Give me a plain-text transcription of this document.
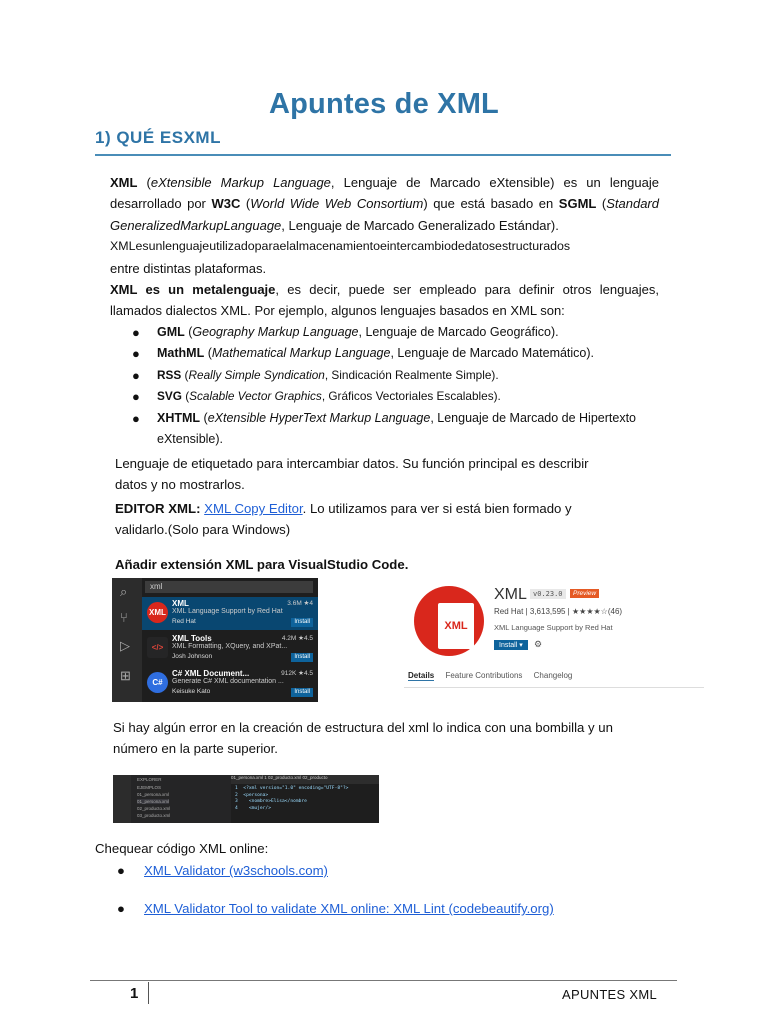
Apuntes de XML
1) QUÉ ESXML
XML (eXtensible Markup Language, Lenguaje de Marcado eXtensible) es un lenguaje
desarrollado por W3C (World Wide Web Consortium) que está basado en SGML (Standard
GeneralizedMarkupLanguage, Lenguaje de Marcado Generalizado Estándar).
XMLesunlenguajeutilizadoparaelalmacenamientoeintercambiodedatosestructurados
entre distintas plataformas.
XML es un metalenguaje, es decir, puede ser empleado para definir otros lenguajes,
llamados dialectos XML. Por ejemplo, algunos lenguajes basados en XML son:
● GML (Geography Markup Language, Lenguaje de Marcado Geográfico).
● MathML (Mathematical Markup Language, Lenguaje de Marcado Matemático).
● RSS (Really Simple Syndication, Sindicación Realmente Simple).
● SVG (Scalable Vector Graphics, Gráficos Vectoriales Escalables).
● XHTML (eXtensible HyperText Markup Language, Lenguaje de Marcado de Hipertexto
eXtensible).
Lenguaje de etiquetado para intercambiar datos. Su función principal es describir
datos y no mostrarlos.
EDITOR XML: XML Copy Editor. Lo utilizamos para ver si está bien formado y
validarlo.(Solo para Windows)
Añadir extensión XML para VisualStudio Code.
⌕
⑂
▷
⊞
xml
XML
XML
XML Language Support by Red Hat
Red Hat
3.6M ★4
Install
</>
XML Tools
XML Formatting, XQuery, and XPat...
Josh Johnson
4.2M ★4.5
Install
C#
C# XML Document...
Generate C# XML documentation ...
Keisuke Kato
912K ★4.5
Install
XML
XML v0.23.0	Preview
Red Hat | 3,613,595 | ★★★★☆(46)
XML Language Support by Red Hat
Install ▾	⚙
Details Feature Contributions Changelog
Si hay algún error en la creación de estructura del xml lo indica con una bombilla y un
número en la parte superior.
EXPLORER
EJEMPLOS
01_persona.xml
01_persona.xml
02_producto.xml
03_producto.xml
01_persona.xml 1 02_producto.xml 02_producto
1  <?xml version="1.0" encoding="UTF-8"?>
2  <persona>
3    <nombre>Elisa</nombre
4    <mujer/>
Chequear código XML online:
● XML Validator (w3schools.com)
● XML Validator Tool to validate XML online: XML Lint (codebeautify.org)
1	APUNTES XML
